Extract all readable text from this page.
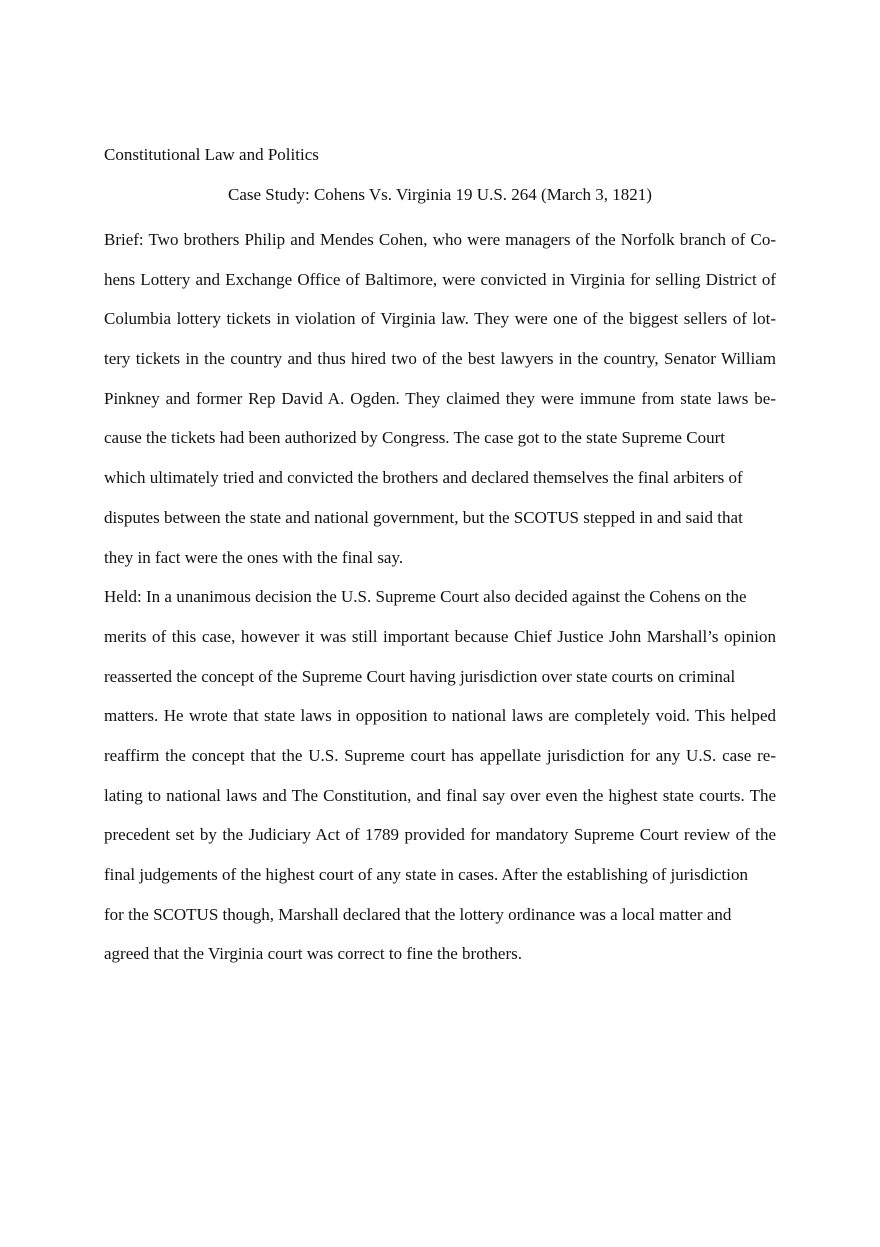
Constitutional Law and Politics
Case Study: Cohens Vs. Virginia 19 U.S. 264 (March 3, 1821)
Brief: Two brothers Philip and Mendes Cohen, who were managers of the Norfolk branch of Co-
hens Lottery and Exchange Office of Baltimore, were convicted in Virginia for selling District of
Columbia lottery tickets in violation of Virginia law. They were one of the biggest sellers of lot-
tery tickets in the country and thus hired two of the best lawyers in the country, Senator William
Pinkney and former Rep David A. Ogden. They claimed they were immune from state laws be-
cause the tickets had been authorized by Congress. The case got to the state Supreme Court
which ultimately tried and convicted the brothers and declared themselves the final arbiters of
disputes between the state and national government, but the SCOTUS stepped in and said that
they in fact were the ones with the final say.
Held: In a unanimous decision the U.S. Supreme Court also decided against the Cohens on the
merits of this case, however it was still important because Chief Justice John Marshall’s opinion
reasserted the concept of the Supreme Court having jurisdiction over state courts on criminal
matters. He wrote that state laws in opposition to national laws are completely void. This helped
reaffirm the concept that the U.S. Supreme court has appellate jurisdiction for any U.S. case re-
lating to national laws and The Constitution, and final say over even the highest state courts. The
precedent set by the Judiciary Act of 1789 provided for mandatory Supreme Court review of the
final judgements of the highest court of any state in cases. After the establishing of jurisdiction
for the SCOTUS though, Marshall declared that the lottery ordinance was a local matter and
agreed that the Virginia court was correct to fine the brothers.
